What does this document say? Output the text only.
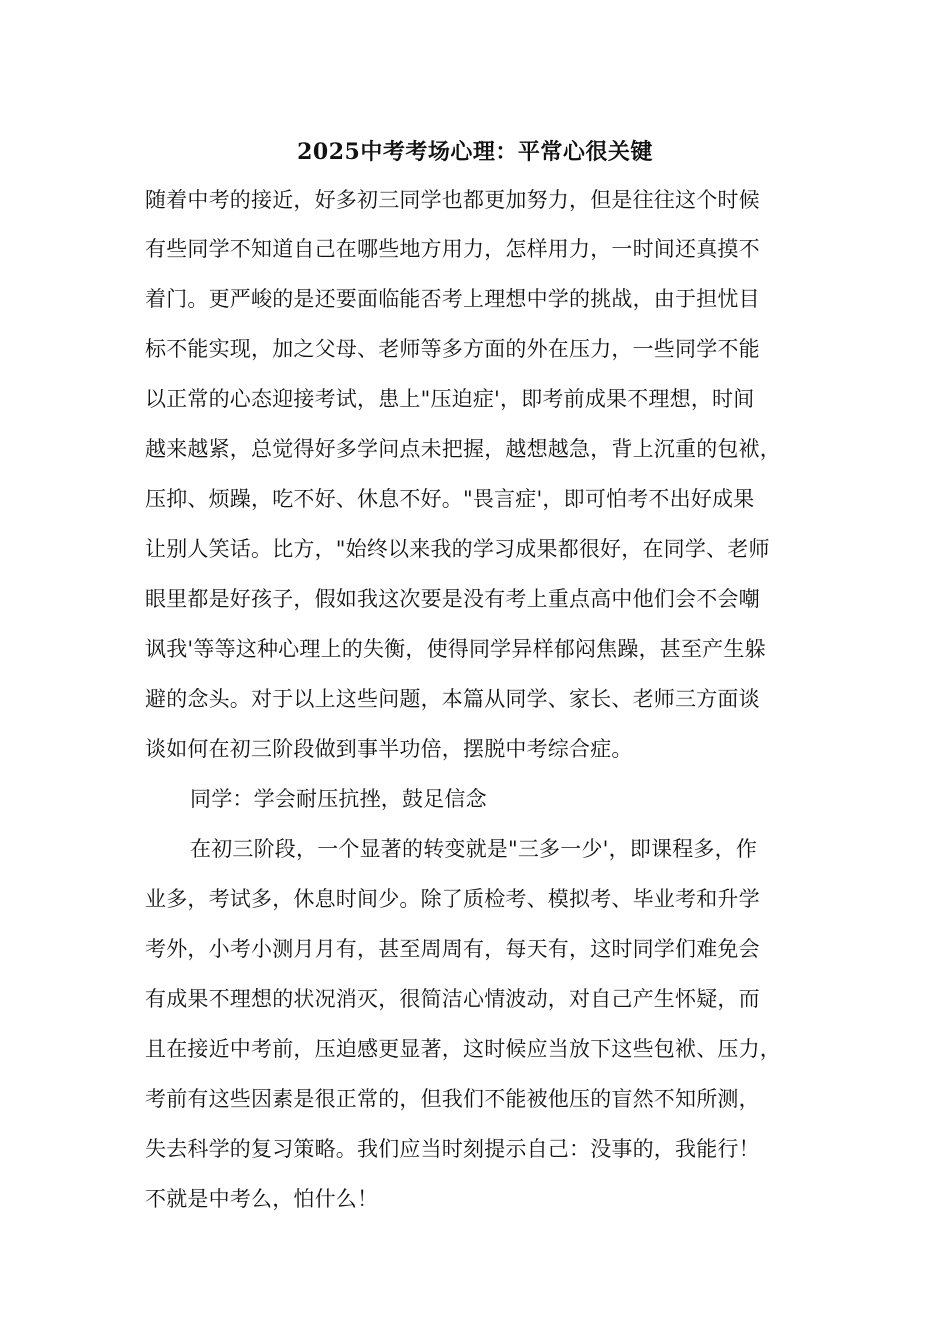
2025中考考场心理：平常心很关键
随着中考的接近，好多初三同学也都更加努力，但是往往这个时候
有些同学不知道自己在哪些地方用力，怎样用力，一时间还真摸不
着门。更严峻的是还要面临能否考上理想中学的挑战，由于担忧目
标不能实现，加之父母、老师等多方面的外在压力，一些同学不能
以正常的心态迎接考试，患上"压迫症'，即考前成果不理想，时间
越来越紧，总觉得好多学问点未把握，越想越急，背上沉重的包袱，
压抑、烦躁，吃不好、休息不好。"畏言症'，即可怕考不出好成果
让别人笑话。比方，"始终以来我的学习成果都很好，在同学、老师
眼里都是好孩子，假如我这次要是没有考上重点高中他们会不会嘲
讽我'等等这种心理上的失衡，使得同学异样郁闷焦躁，甚至产生躲
避的念头。对于以上这些问题，本篇从同学、家长、老师三方面谈
谈如何在初三阶段做到事半功倍，摆脱中考综合症。
同学：学会耐压抗挫，鼓足信念
在初三阶段，一个显著的转变就是"三多一少'，即课程多，作
业多，考试多，休息时间少。除了质检考、模拟考、毕业考和升学
考外，小考小测月月有，甚至周周有，每天有，这时同学们难免会
有成果不理想的状况消灭，很简洁心情波动，对自己产生怀疑，而
且在接近中考前，压迫感更显著，这时候应当放下这些包袱、压力，
考前有这些因素是很正常的，但我们不能被他压的盲然不知所测，
失去科学的复习策略。我们应当时刻提示自己：没事的，我能行！
不就是中考么，怕什么！
